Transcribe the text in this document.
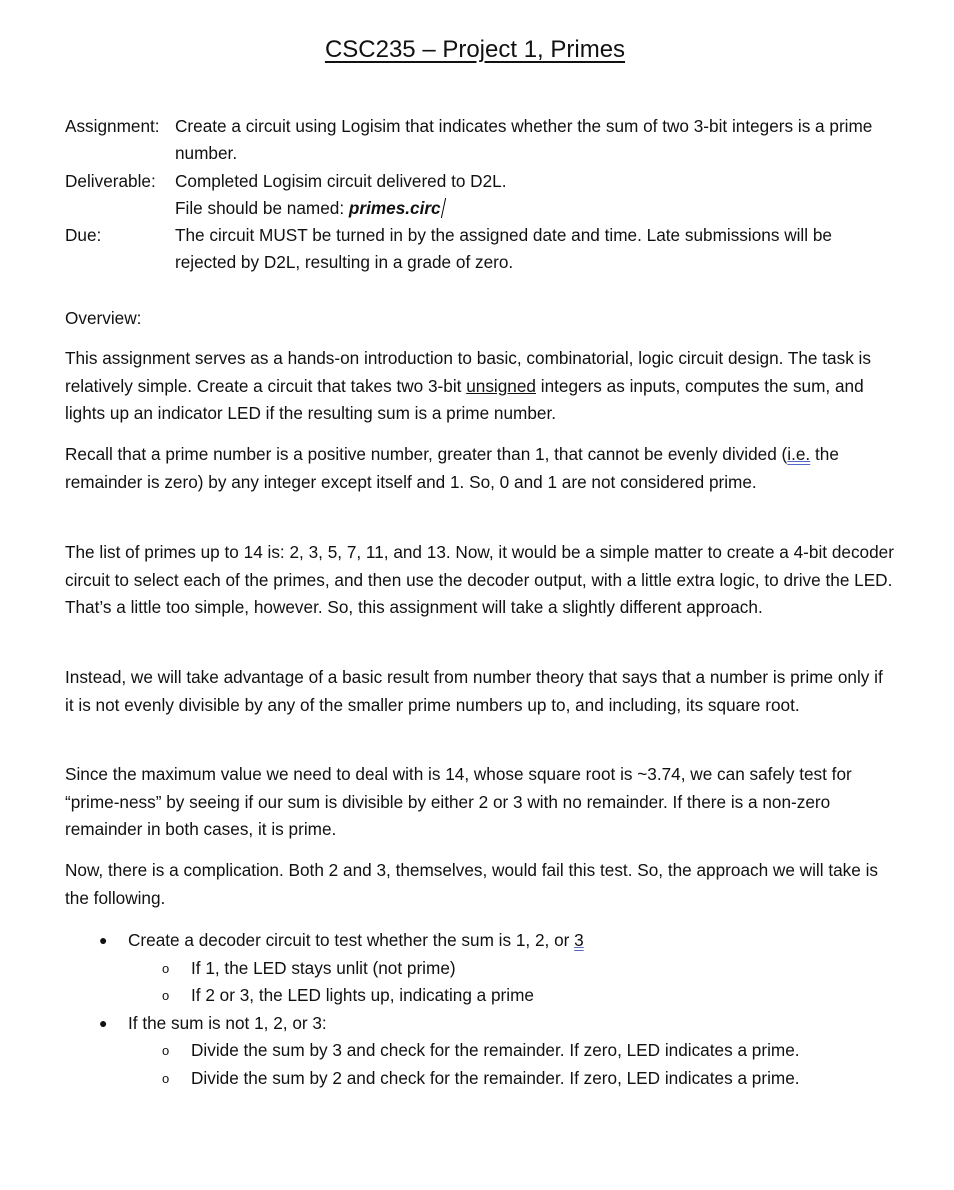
CSC235 – Project 1, Primes
Assignment: Create a circuit using Logisim that indicates whether the sum of two 3-bit integers is a prime number.
Deliverable:	Completed Logisim circuit delivered to D2L.
File should be named: primes.circ
Due:	The circuit MUST be turned in by the assigned date and time. Late submissions will be rejected by D2L, resulting in a grade of zero.
Overview:
This assignment serves as a hands-on introduction to basic, combinatorial, logic circuit design. The task is relatively simple. Create a circuit that takes two 3-bit unsigned integers as inputs, computes the sum, and lights up an indicator LED if the resulting sum is a prime number.
Recall that a prime number is a positive number, greater than 1, that cannot be evenly divided (i.e. the remainder is zero) by any integer except itself and 1. So, 0 and 1 are not considered prime.
The list of primes up to 14 is: 2, 3, 5, 7, 11, and 13. Now, it would be a simple matter to create a 4-bit decoder circuit to select each of the primes, and then use the decoder output, with a little extra logic, to drive the LED. That’s a little too simple, however. So, this assignment will take a slightly different approach.
Instead, we will take advantage of a basic result from number theory that says that a number is prime only if it is not evenly divisible by any of the smaller prime numbers up to, and including, its square root.
Since the maximum value we need to deal with is 14, whose square root is ~3.74, we can safely test for “prime-ness” by seeing if our sum is divisible by either 2 or 3 with no remainder. If there is a non-zero remainder in both cases, it is prime.
Now, there is a complication. Both 2 and 3, themselves, would fail this test. So, the approach we will take is the following.
● Create a decoder circuit to test whether the sum is 1, 2, or 3
o If 1, the LED stays unlit (not prime)
o If 2 or 3, the LED lights up, indicating a prime
● If the sum is not 1, 2, or 3:
o Divide the sum by 3 and check for the remainder. If zero, LED indicates a prime.
o Divide the sum by 2 and check for the remainder. If zero, LED indicates a prime.
